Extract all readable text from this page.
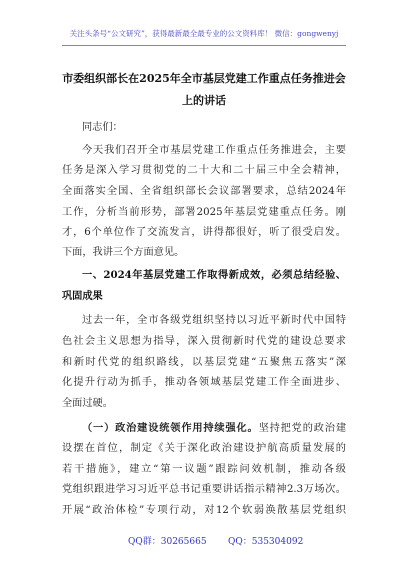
关注头条号“公文研究”，获得最新最全最专业的公文资料库！ 微信：gongwenyj
市委组织部长在2025年全市基层党建工作重点任务推进会
上的讲话
同志们：
今天我们召开全市基层党建工作重点任务推进会，主要
任务是深入学习贯彻党的二十大和二十届三中全会精神，
全面落实全国、全省组织部长会议部署要求，总结2024年
工作，分析当前形势，部署2025年基层党建重点任务。刚
才，6个单位作了交流发言，讲得都很好，听了很受启发。
下面，我讲三个方面意见。
一、2024年基层党建工作取得新成效，必须总结经验、
巩固成果
过去一年，全市各级党组织坚持以习近平新时代中国特
色社会主义思想为指导，深入贯彻新时代党的建设总要求
和新时代党的组织路线，以基层党建“五聚焦五落实”深
化提升行动为抓手，推动各领域基层党建工作全面进步、
全面过硬。
（一）政治建设统领作用持续强化。坚持把党的政治建
设摆在首位，制定《关于深化政治建设护航高质量发展的
若干措施》，建立“第一议题”跟踪问效机制，推动各级
党组织跟进学习习近平总书记重要讲话指示精神2.3万场次。
开展“政治体检”专项行动，对12个软弱涣散基层党组织
QQ群：30265665 QQ：535304092
